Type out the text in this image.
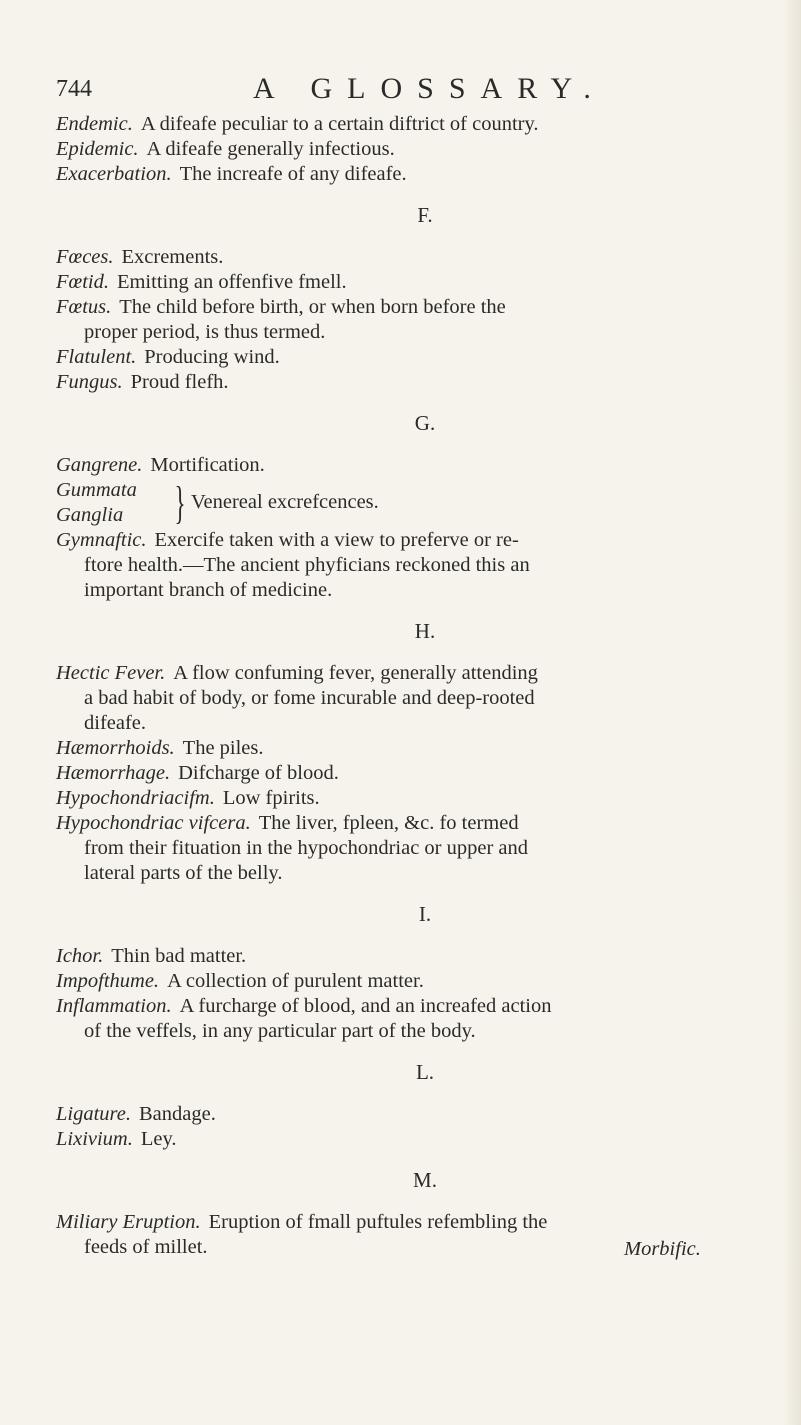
744	A GLOSSARY.

Endemic. A difeafe peculiar to a certain diftrict of country.

Epidemic. A difeafe generally infectious.

Exacerbation. The increafe of any difeafe.

F.

Fœces. Excrements.

Fœtid. Emitting an offenfive fmell.

Fœtus. The child before birth, or when born before the
proper period, is thus termed.

Flatulent. Producing wind.

Fungus. Proud flefh.

G.

Gangrene. Mortification.

Gummata
Ganglia } Venereal excrefcences.

Gymnaftic. Exercife taken with a view to preferve or re-
ftore health.—The ancient phyficians reckoned this an
important branch of medicine.

H.

Hectic Fever. A flow confuming fever, generally attending
a bad habit of body, or fome incurable and deep-rooted
difeafe.

Hæmorrhoids. The piles.

Hæmorrhage. Difcharge of blood.

Hypochondriacifm. Low fpirits.

Hypochondriac vifcera. The liver, fpleen, &c. fo termed
from their fituation in the hypochondriac or upper and
lateral parts of the belly.

I.

Ichor. Thin bad matter.

Impofthume. A collection of purulent matter.

Inflammation. A furcharge of blood, and an increafed action
of the veffels, in any particular part of the body.

L.

Ligature. Bandage.

Lixivium. Ley.

M.

Miliary Eruption. Eruption of fmall puftules refembling the
feeds of millet.	Morbific.
